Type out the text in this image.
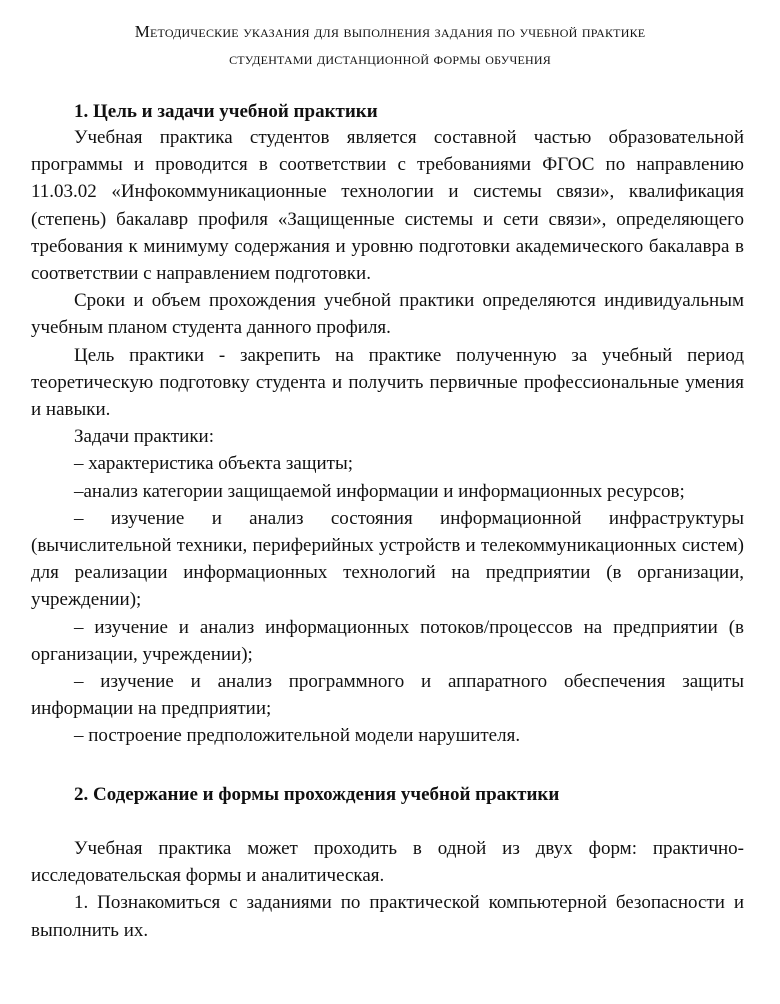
Методические указания для выполнения задания по учебной практике
студентами дистанционной формы обучения
1. Цель и задачи учебной практики

Учебная практика студентов является составной частью образовательной программы и проводится в соответствии с требованиями ФГОС по направлению 11.03.02 «Инфокоммуникационные технологии и системы связи», квалификация (степень) бакалавр профиля «Защищенные системы и сети связи», определяющего требования к минимуму содержания и уровню подготовки академического бакалавра в соответствии с направлением подготовки.

Сроки и объем прохождения учебной практики определяются индивидуальным учебным планом студента данного профиля.

Цель практики - закрепить на практике полученную за учебный период теоретическую подготовку студента и получить первичные профессиональные умения и навыки.

Задачи практики:

– характеристика объекта защиты;

–анализ категории защищаемой информации и информационных ресурсов;

– изучение и анализ состояния информационной инфраструктуры (вычислительной техники, периферийных устройств и телекоммуникационных систем) для реализации информационных технологий на предприятии (в организации, учреждении);

– изучение и анализ информационных потоков/процессов на предприятии (в организации, учреждении);

– изучение и анализ программного и аппаратного обеспечения защиты информации на предприятии;

– построение предположительной модели нарушителя.

2. Содержание и формы прохождения учебной практики

Учебная практика может проходить в одной из двух форм: практично-исследовательская формы и аналитическая.

1. Познакомиться с заданиями по практической компьютерной безопасности и выполнить их.
